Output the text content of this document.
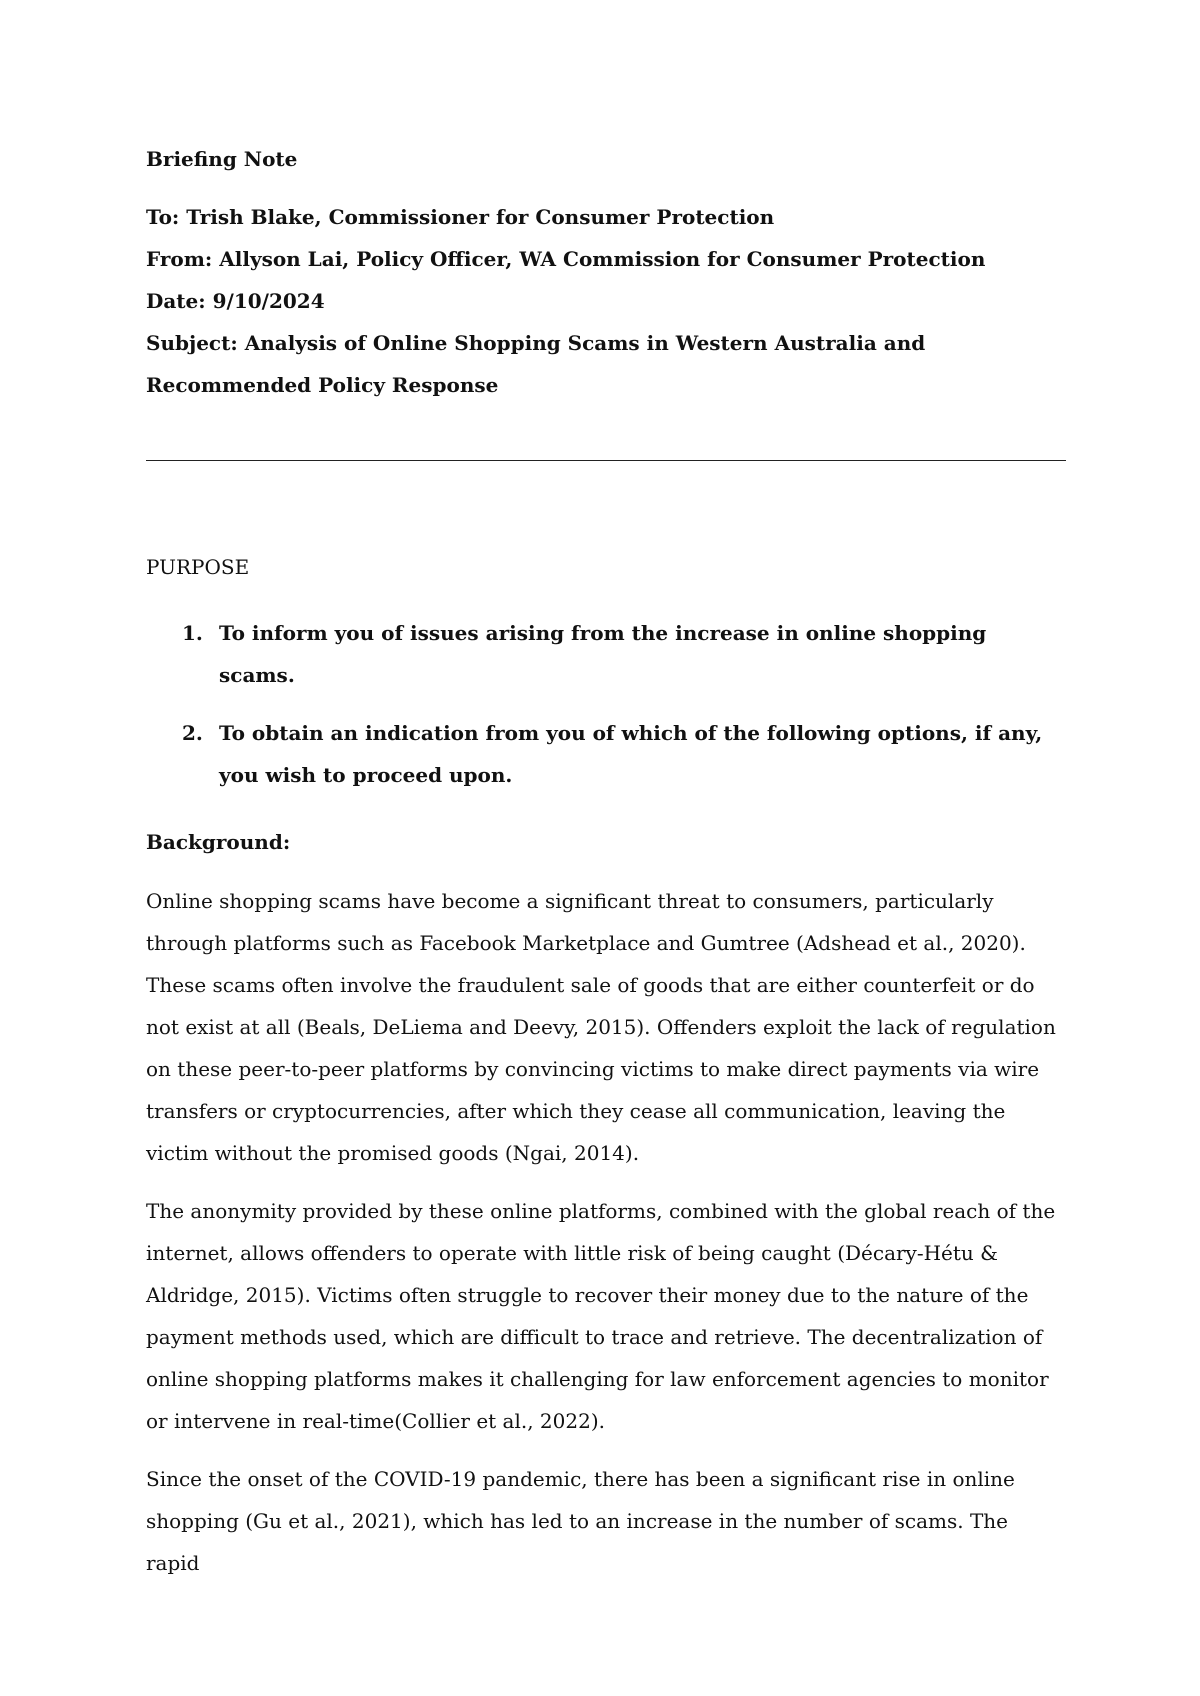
Briefing Note

To: Trish Blake, Commissioner for Consumer Protection

From: Allyson Lai, Policy Officer, WA Commission for Consumer Protection

Date: 9/10/2024

Subject: Analysis of Online Shopping Scams in Western Australia and Recommended Policy Response

PURPOSE

1. To inform you of issues arising from the increase in online shopping scams.
2. To obtain an indication from you of which of the following options, if any, you wish to proceed upon.

Background:

Online shopping scams have become a significant threat to consumers, particularly through platforms such as Facebook Marketplace and Gumtree (Adshead et al., 2020). These scams often involve the fraudulent sale of goods that are either counterfeit or do not exist at all (Beals, DeLiema and Deevy, 2015). Offenders exploit the lack of regulation on these peer-to-peer platforms by convincing victims to make direct payments via wire transfers or cryptocurrencies, after which they cease all communication, leaving the victim without the promised goods (Ngai, 2014).

The anonymity provided by these online platforms, combined with the global reach of the internet, allows offenders to operate with little risk of being caught (Décary-Hétu & Aldridge, 2015). Victims often struggle to recover their money due to the nature of the payment methods used, which are difficult to trace and retrieve. The decentralization of online shopping platforms makes it challenging for law enforcement agencies to monitor or intervene in real-time(Collier et al., 2022).

Since the onset of the COVID-19 pandemic, there has been a significant rise in online shopping (Gu et al., 2021), which has led to an increase in the number of scams. The rapid
